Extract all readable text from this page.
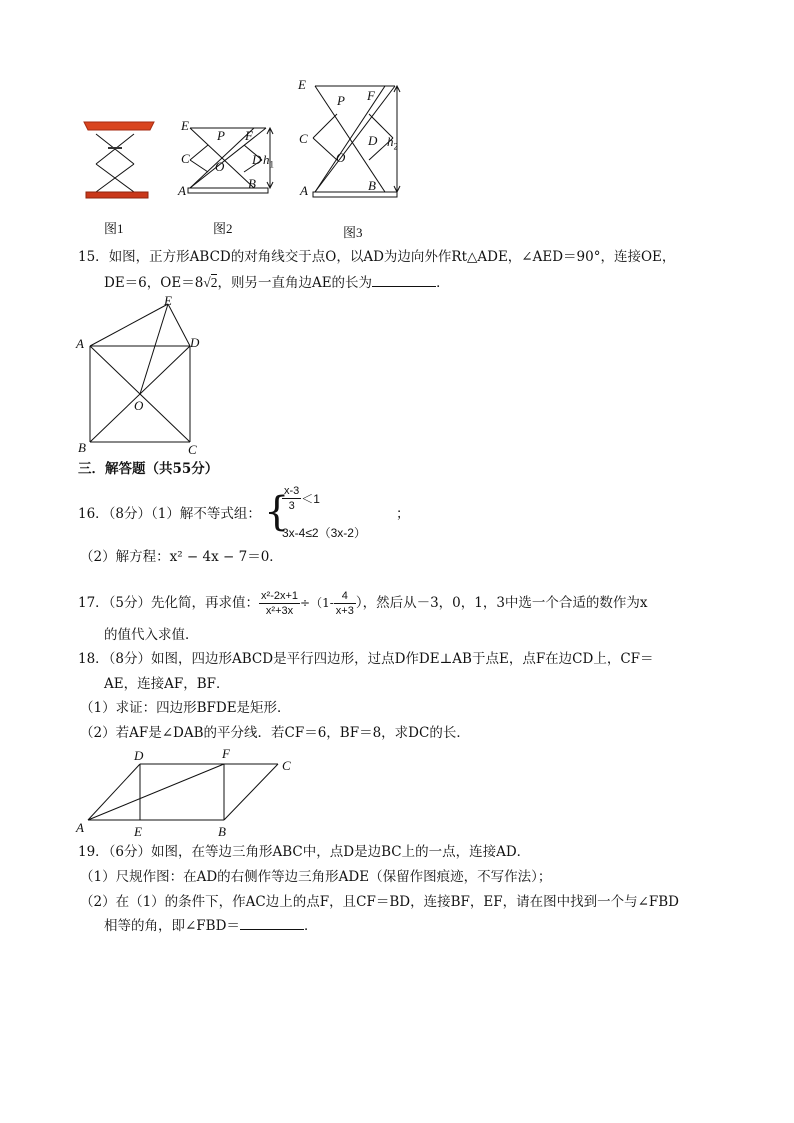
图1
E
P F
C
O D
A	B
$h_1$
图2
E
P F
C
O
D
A	B
$h_2$
图3
15．如图，正方形ABCD的对角线交于点O，以AD为边向外作Rt△ADE，∠AED＝90°，连接OE，
DE＝6，OE＝8√2，则另一直角边AE的长为	．
E
A	D
O
B	C
三．解答题（共55分）
16．（8分）（1）解不等式组： {
$\frac{x-3}{3} <1$
3x-4≤2（3x-2）
；
（2）解方程：x² − 4x − 7＝0．
17．（5分）先化简，再求值： $\frac{\text{x²-2x+1}}{\text{x²+3x}} \div(1- \frac{4}{x+3}$ ），然后从－3，0，1，3中选一个合适的数作为x
的值代入求值．
18．（8分）如图，四边形ABCD是平行四边形，过点D作DE⊥AB于点E，点F在边CD上，CF＝
AE，连接AF，BF．
（1）求证：四边形BFDE是矩形．
（2）若AF是∠DAB的平分线．若CF＝6，BF＝8，求DC的长．
D	F
C
A	E	B
19．（6分）如图，在等边三角形ABC中，点D是边BC上的一点，连接AD．
（1）尺规作图：在AD的右侧作等边三角形ADE（保留作图痕迹，不写作法）；
（2）在（1）的条件下，作AC边上的点F，且CF＝BD，连接BF，EF，请在图中找到一个与∠FBD
相等的角，即∠FBD＝	．
